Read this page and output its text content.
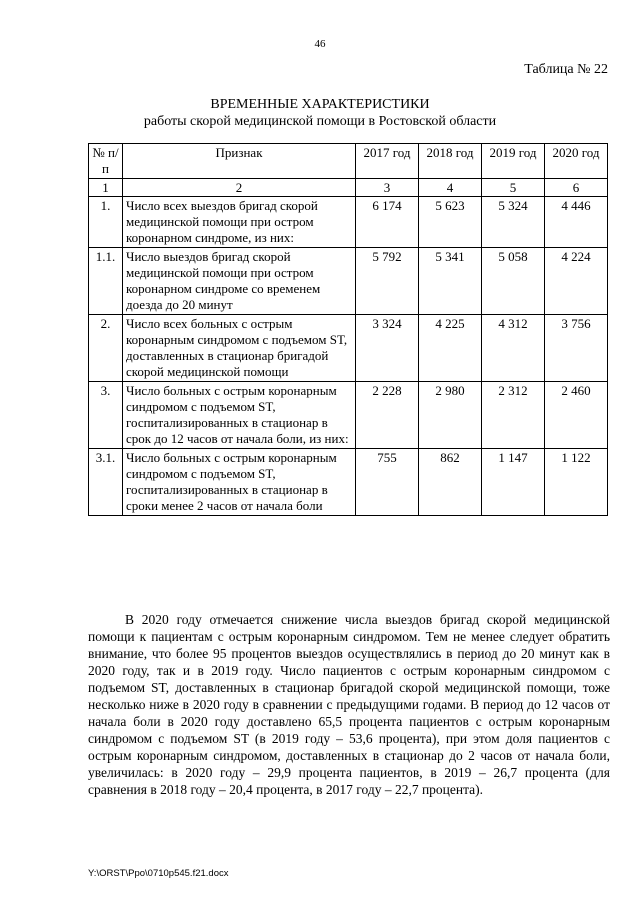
46
Таблица № 22
ВРЕМЕННЫЕ ХАРАКТЕРИСТИКИ
работы скорой медицинской помощи в Ростовской области
№ п/п	Признак	2017 год	2018 год	2019 год	2020 год
1	2	3	4	5	6
1.	Число всех выездов бригад скорой медицинской помощи при остром коронарном синдроме, из них:	6 174	5 623	5 324	4 446
1.1.	Число выездов бригад скорой медицинской помощи при остром коронарном синдроме со временем доезда до 20 минут	5 792	5 341	5 058	4 224
2.	Число всех больных с острым коронарным синдромом с подъемом ST, доставленных в стационар бригадой скорой медицинской помощи	3 324	4 225	4 312	3 756
3.	Число больных с острым коронарным синдромом с подъемом ST, госпитализированных в стационар в срок до 12 часов от начала боли, из них:	2 228	2 980	2 312	2 460
3.1.	Число больных с острым коронарным синдромом с подъемом ST, госпитализированных в стационар в сроки менее 2 часов от начала боли	755	862	1 147	1 122

В 2020 году отмечается снижение числа выездов бригад скорой медицинской помощи к пациентам с острым коронарным синдромом. Тем не менее следует обратить внимание, что более 95 процентов выездов осуществлялись в период до 20 минут как в 2020 году, так и в 2019 году. Число пациентов с острым коронарным синдромом с подъемом ST, доставленных в стационар бригадой скорой медицинской помощи, тоже несколько ниже в 2020 году в сравнении с предыдущими годами. В период до 12 часов от начала боли в 2020 году доставлено 65,5 процента пациентов с острым коронарным синдромом с подъемом ST (в 2019 году – 53,6 процента), при этом доля пациентов с острым коронарным синдромом, доставленных в стационар до 2 часов от начала боли, увеличилась: в 2020 году – 29,9 процента пациентов, в 2019 – 26,7 процента (для сравнения в 2018 году – 20,4 процента, в 2017 году – 22,7 процента).

Y:\ORST\Ppo\0710p545.f21.docx
